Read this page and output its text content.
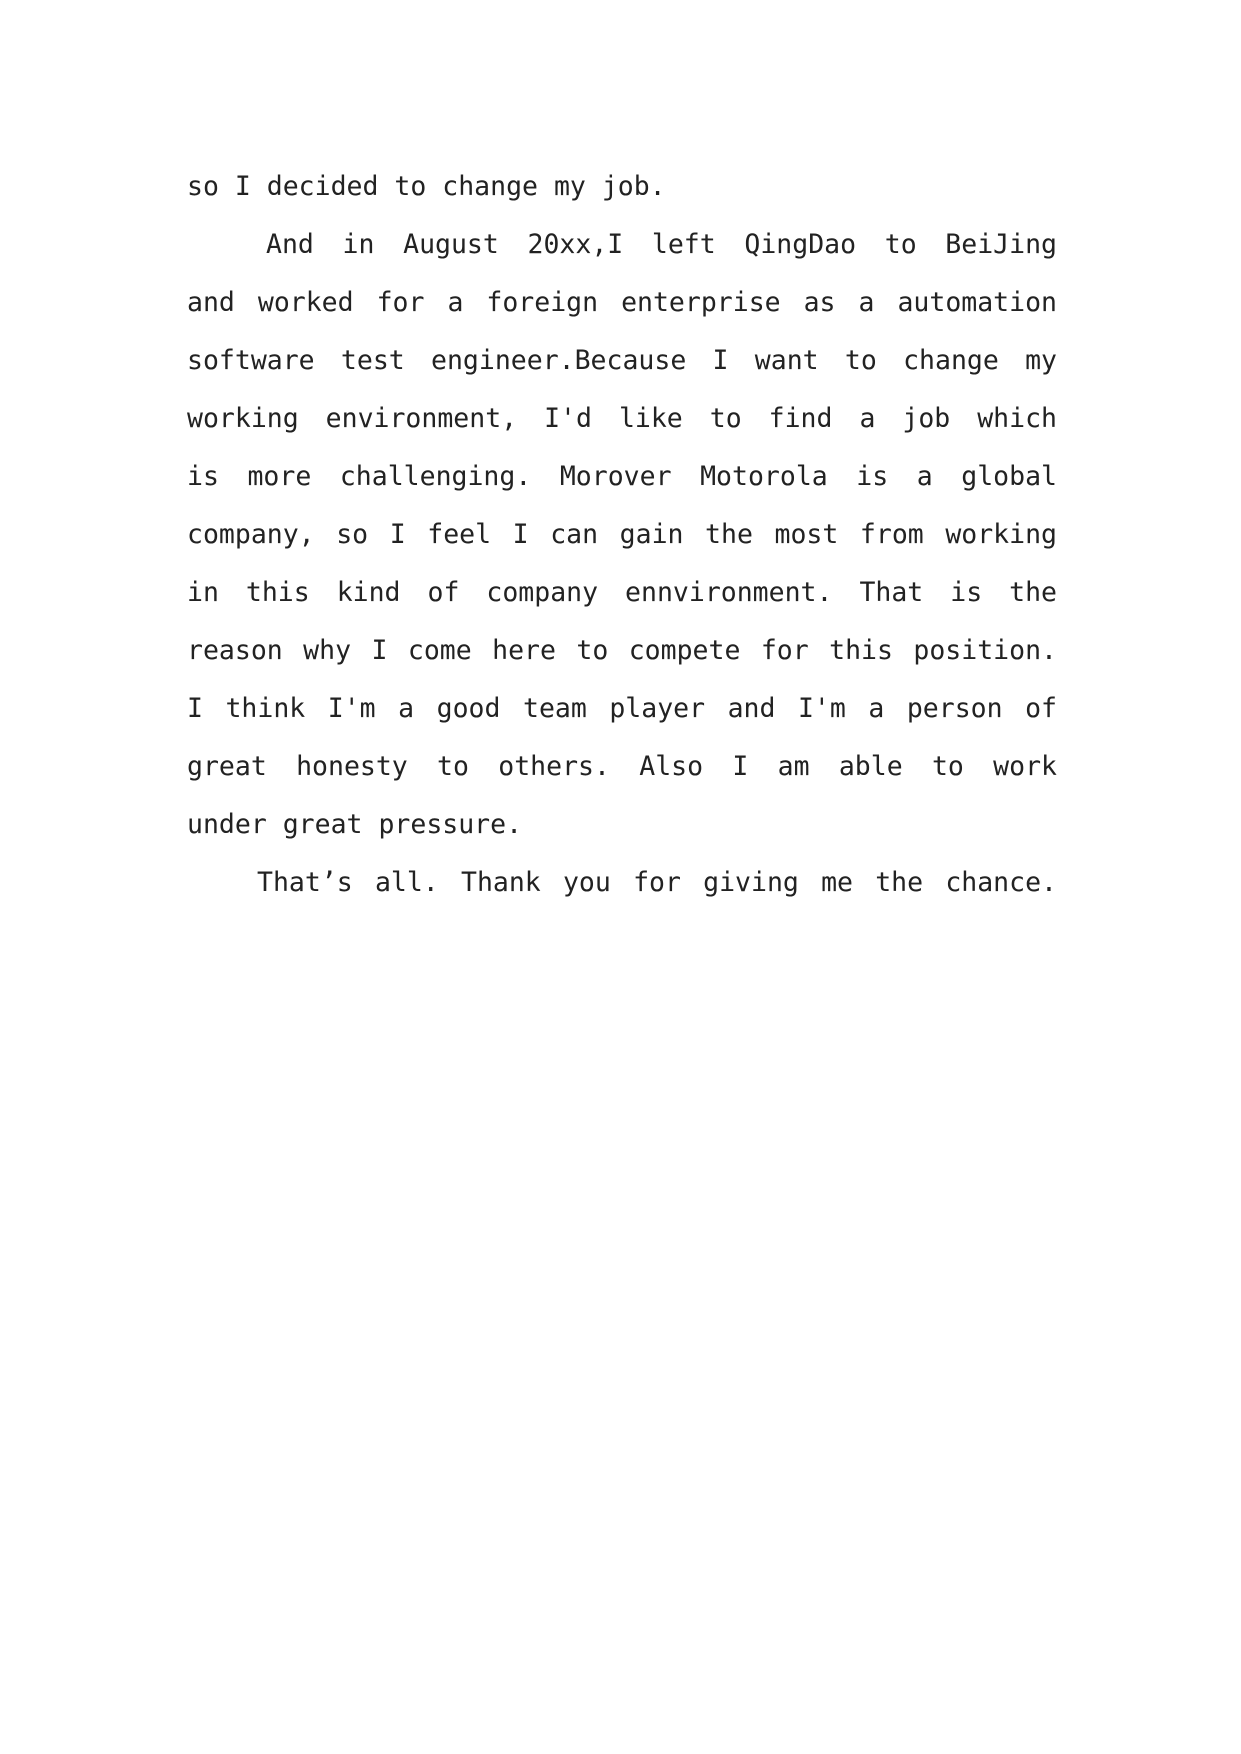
so I decided to change my job.
And in August 20xx,I left QingDao to BeiJing
and worked for a foreign enterprise as a automation
software test engineer.Because I want to change my
working environment, I'd like to find a job which
is more challenging. Morover Motorola is a global
company, so I feel I can gain the most from working
in this kind of company ennvironment. That is the
reason why I come here to compete for this position.
I think I'm a good team player and I'm a person of
great honesty to others. Also I am able to work
under great pressure.
That’s all. Thank you for giving me the chance.
